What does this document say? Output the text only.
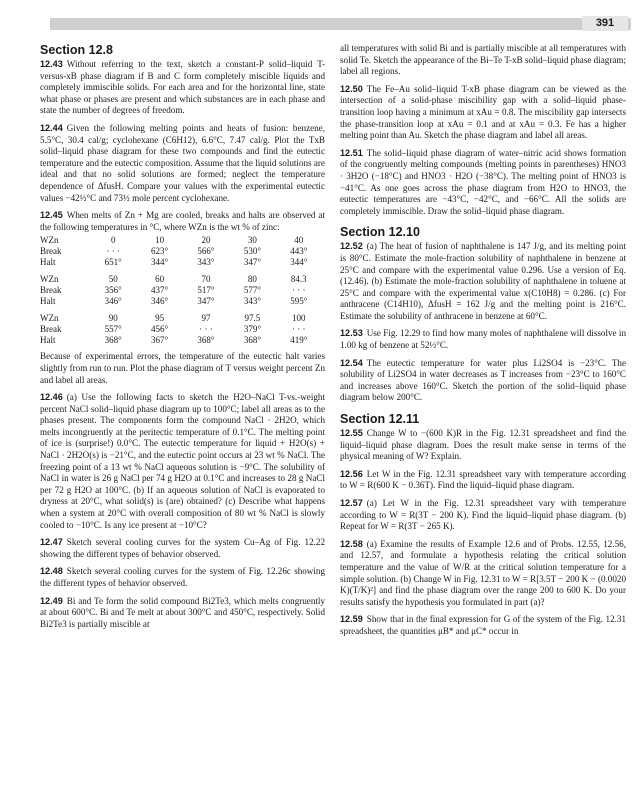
391
Section 12.8

12.43 Without referring to the text, sketch a constant-P solid–liquid T-versus-xB phase diagram if B and C form completely miscible liquids and completely immiscible solids. For each area and for the horizontal line, state what phase or phases are present and which substances are in each phase and state the number of degrees of freedom.

12.44 Given the following melting points and heats of fusion: benzene, 5.5°C, 30.4 cal/g; cyclohexane (C6H12), 6.6°C, 7.47 cal/g. Plot the TxB solid–liquid phase diagram for these two compounds and find the eutectic temperature and the eutectic composition. Assume that the liquid solutions are ideal and that no solid solutions are formed; neglect the temperature dependence of ΔfusH. Compare your values with the experimental eutectic values −42½°C and 73½ mole percent cyclohexane.

12.45 When melts of Zn + Mg are cooled, breaks and halts are observed at the following temperatures in °C, where WZn is the wt % of zinc:

WZn	0	10	20	30	40
Break	· · ·	623°	566°	530°	443°
Halt	651°	344°	343°	347°	344°

WZn	50	60	70	80	84.3
Break	356°	437°	517°	577°	· · ·
Halt	346°	346°	347°	343°	595°

WZn	90	95	97	97.5	100
Break	557°	456°	· · ·	379°	· · ·
Halt	368°	367°	368°	368°	419°

Because of experimental errors, the temperature of the eutectic halt varies slightly from run to run. Plot the phase diagram of T versus weight percent Zn and label all areas.

12.46 (a) Use the following facts to sketch the H2O–NaCl T-vs.-weight percent NaCl solid–liquid phase diagram up to 100°C; label all areas as to the phases present. The components form the compound NaCl · 2H2O, which melts incongruently at the peritectic temperature of 0.1°C. The melting point of ice is (surprise!) 0.0°C. The eutectic temperature for liquid + H2O(s) + NaCl · 2H2O(s) is −21°C, and the eutectic point occurs at 23 wt % NaCl. The freezing point of a 13 wt % NaCl aqueous solution is −9°C. The solubility of NaCl in water is 26 g NaCl per 74 g H2O at 0.1°C and increases to 28 g NaCl per 72 g H2O at 100°C. (b) If an aqueous solution of NaCl is evaporated to dryness at 20°C, what solid(s) is (are) obtained? (c) Describe what happens when a system at 20°C with overall composition of 80 wt % NaCl is slowly cooled to −10°C. Is any ice present at −10°C?

12.47 Sketch several cooling curves for the system Cu–Ag of Fig. 12.22 showing the different types of behavior observed.

12.48 Sketch several cooling curves for the system of Fig. 12.26c showing the different types of behavior observed.

12.49 Bi and Te form the solid compound Bi2Te3, which melts congruently at about 600°C. Bi and Te melt at about 300°C and 450°C, respectively. Solid Bi2Te3 is partially miscible at

all temperatures with solid Bi and is partially miscible at all temperatures with solid Te. Sketch the appearance of the Bi–Te T-xB solid–liquid phase diagram; label all regions.

12.50 The Fe–Au solid–liquid T-xB phase diagram can be viewed as the intersection of a solid-phase miscibility gap with a solid–liquid phase-transition loop having a minimum at xAu = 0.8. The miscibility gap intersects the phase-transition loop at xAu = 0.1 and at xAu = 0.3. Fe has a higher melting point than Au. Sketch the phase diagram and label all areas.

12.51 The solid–liquid phase diagram of water–nitric acid shows formation of the congruently melting compounds (melting points in parentheses) HNO3 · 3H2O (−18°C) and HNO3 · H2O (−38°C). The melting point of HNO3 is −41°C. As one goes across the phase diagram from H2O to HNO3, the eutectic temperatures are −43°C, −42°C, and −66°C. All the solids are completely immiscible. Draw the solid–liquid phase diagram.

Section 12.10

12.52 (a) The heat of fusion of naphthalene is 147 J/g, and its melting point is 80°C. Estimate the mole-fraction solubility of naphthalene in benzene at 25°C and compare with the experimental value 0.296. Use a version of Eq. (12.46). (b) Estimate the mole-fraction solubility of naphthalene in toluene at 25°C and compare with the experimental value x(C10H8) = 0.286. (c) For anthracene (C14H10), ΔfusH = 162 J/g and the melting point is 216°C. Estimate the solubility of anthracene in benzene at 60°C.

12.53 Use Fig. 12.29 to find how many moles of naphthalene will dissolve in 1.00 kg of benzene at 52½°C.

12.54 The eutectic temperature for water plus Li2SO4 is −23°C. The solubility of Li2SO4 in water decreases as T increases from −23°C to 160°C and increases above 160°C. Sketch the portion of the solid–liquid phase diagram below 200°C.

Section 12.11

12.55 Change W to −(600 K)R in the Fig. 12.31 spreadsheet and find the liquid–liquid phase diagram. Does the result make sense in terms of the physical meaning of W? Explain.

12.56 Let W in the Fig. 12.31 spreadsheet vary with temperature according to W = R(600 K − 0.36T). Find the liquid–liquid phase diagram.

12.57 (a) Let W in the Fig. 12.31 spreadsheet vary with temperature according to W = R(3T − 200 K). Find the liquid–liquid phase diagram. (b) Repeat for W = R(3T − 265 K).

12.58 (a) Examine the results of Example 12.6 and of Probs. 12.55, 12.56, and 12.57, and formulate a hypothesis relating the critical solution temperature and the value of W/R at the critical solution temperature for a simple solution. (b) Change W in Fig. 12.31 to W = R[3.5T − 200 K − (0.0020 K)(T/K)²] and find the phase diagram over the range 200 to 600 K. Do your results satisfy the hypothesis you formulated in part (a)?

12.59 Show that in the final expression for G of the system of the Fig. 12.31 spreadsheet, the quantities μB* and μC* occur in
